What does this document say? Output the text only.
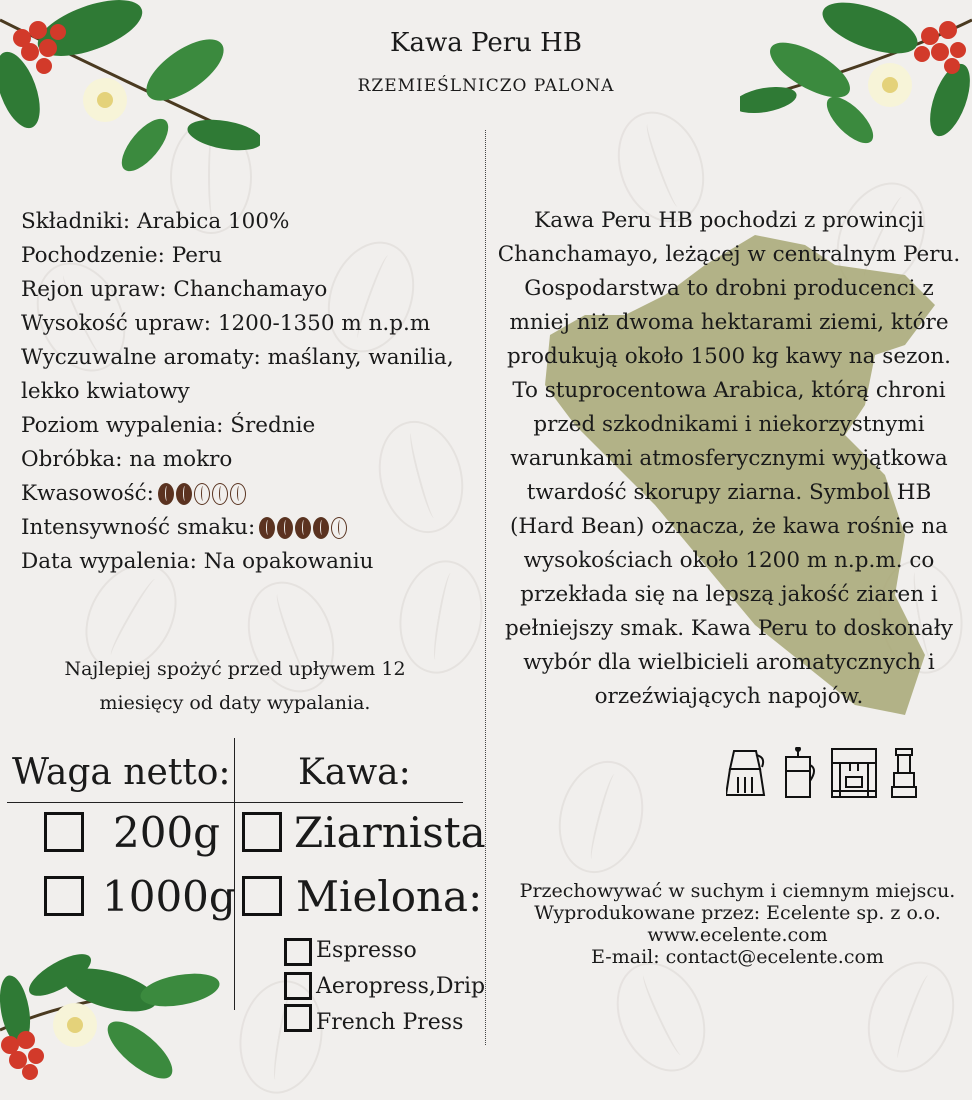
Kawa Peru HB
RZEMIEŚLNICZO PALONA
Składniki: Arabica 100%
Pochodzenie: Peru
Rejon upraw: Chanchamayo
Wysokość upraw: 1200-1350 m n.p.m
Wyczuwalne aromaty: maślany, wanilia, lekko kwiatowy
Poziom wypalenia: Średnie
Obróbka: na mokro
Kwasowość:
Intensywność smaku:
Data wypalenia: Na opakowaniu
Najlepiej spożyć przed upływem 12 miesięcy od daty wypalania.
Waga netto: Kawa:
200g
1000g
Ziarnista
Mielona:
Espresso
Aeropress,Drip
French Press
Kawa Peru HB pochodzi z prowincji Chanchamayo, leżącej w centralnym Peru. Gospodarstwa to drobni producenci z mniej niż dwoma hektarami ziemi, które produkują około 1500 kg kawy na sezon. To stuprocentowa Arabica, którą chroni przed szkodnikami i niekorzystnymi warunkami atmosferycznymi wyjątkowa twardość skorupy ziarna. Symbol HB (Hard Bean) oznacza, że kawa rośnie na wysokościach około 1200 m n.p.m. co przekłada się na lepszą jakość ziaren i pełniejszy smak. Kawa Peru to doskonały wybór dla wielbicieli aromatycznych i orzeźwiających napojów.
Przechowywać w suchym i ciemnym miejscu.
Wyprodukowane przez: Ecelente sp. z o.o.
www.ecelente.com
E-mail: contact@ecelente.com
